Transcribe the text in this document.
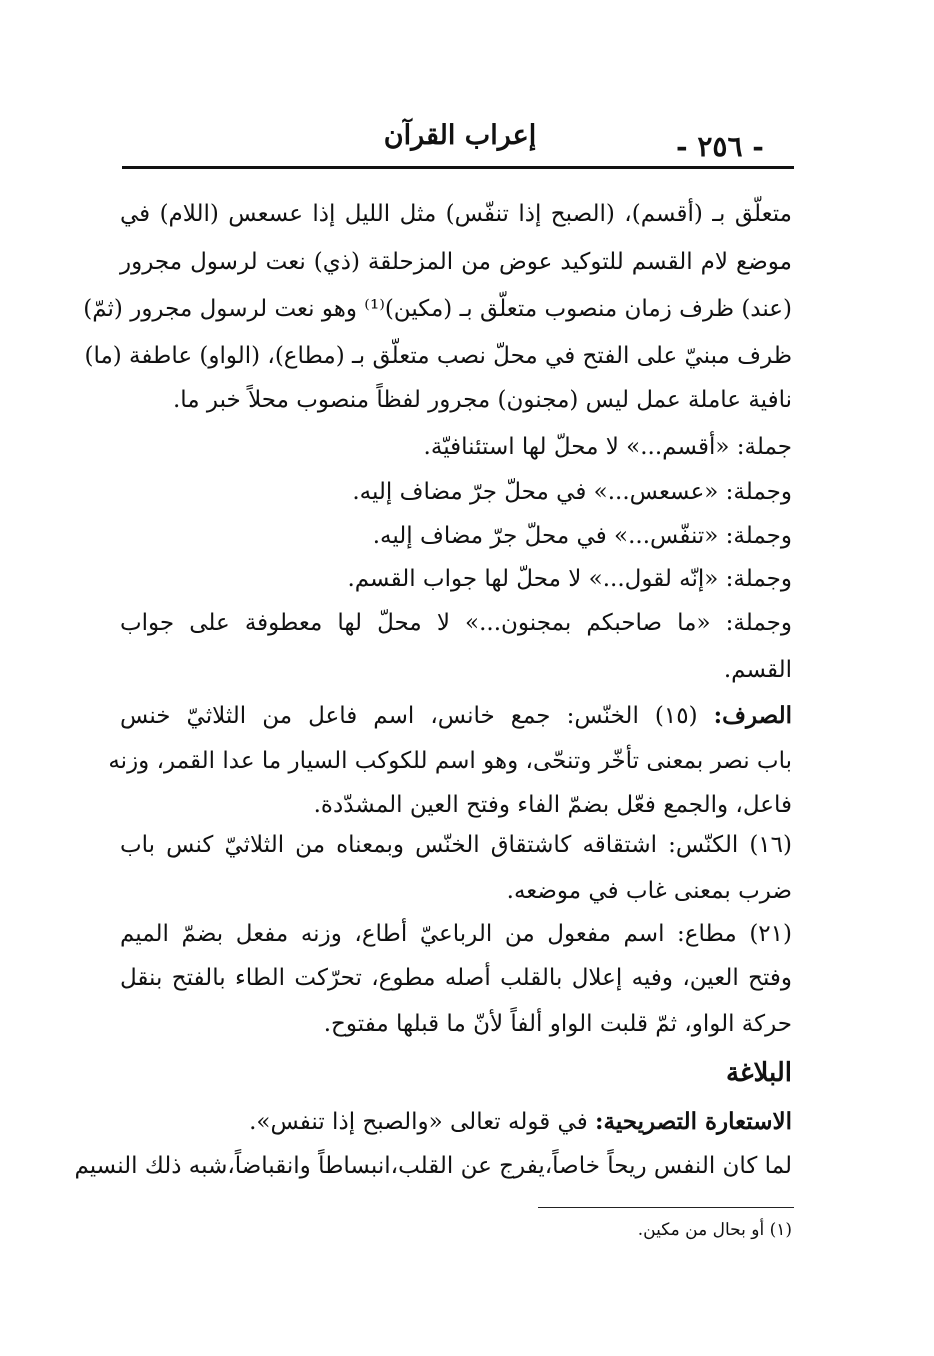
- ٢٥٦ -
إعراب القرآن
متعلّق بـ (أقسم)، (الصبح إذا تنفّس) مثل الليل إذا عسعس (اللام) في
موضع لام القسم للتوكيد عوض من المزحلقة (ذي) نعت لرسول مجرور
(عند) ظرف زمان منصوب متعلّق بـ (مكين)⁽¹⁾ وهو نعت لرسول مجرور (ثمّ)
ظرف مبنيّ على الفتح في محلّ نصب متعلّق بـ (مطاع)، (الواو) عاطفة (ما)
نافية عاملة عمل ليس (مجنون) مجرور لفظاً منصوب محلاً خبر ما.
جملة: «أقسم...» لا محلّ لها استئنافيّة.
وجملة: «عسعس...» في محلّ جرّ مضاف إليه.
وجملة: «تنفّس...» في محلّ جرّ مضاف إليه.
وجملة: «إنّه لقول...» لا محلّ لها جواب القسم.
وجملة: «ما صاحبكم بمجنون...» لا محلّ لها معطوفة على جواب
القسم.
الصرف: (١٥) الخنّس: جمع خانس، اسم فاعل من الثلاثيّ خنس
باب نصر بمعنى تأخّر وتنحّى، وهو اسم للكوكب السيار ما عدا القمر، وزنه
فاعل، والجمع فعّل بضمّ الفاء وفتح العين المشدّدة.
(١٦) الكنّس: اشتقاقه كاشتقاق الخنّس وبمعناه من الثلاثيّ كنس باب
ضرب بمعنى غاب في موضعه.
(٢١) مطاع: اسم مفعول من الرباعيّ أطاع، وزنه مفعل بضمّ الميم
وفتح العين، وفيه إعلال بالقلب أصله مطوع، تحرّكت الطاء بالفتح بنقل
حركة الواو، ثمّ قلبت الواو ألفاً لأنّ ما قبلها مفتوح.
البلاغة
الاستعارة التصريحية: في قوله تعالى «والصبح إذا تنفس».
لما كان النفس ريحاً خاصاً،يفرج عن القلب،انبساطاً وانقباضاً،شبه ذلك النسيم
(١) أو بحال من مكين.
